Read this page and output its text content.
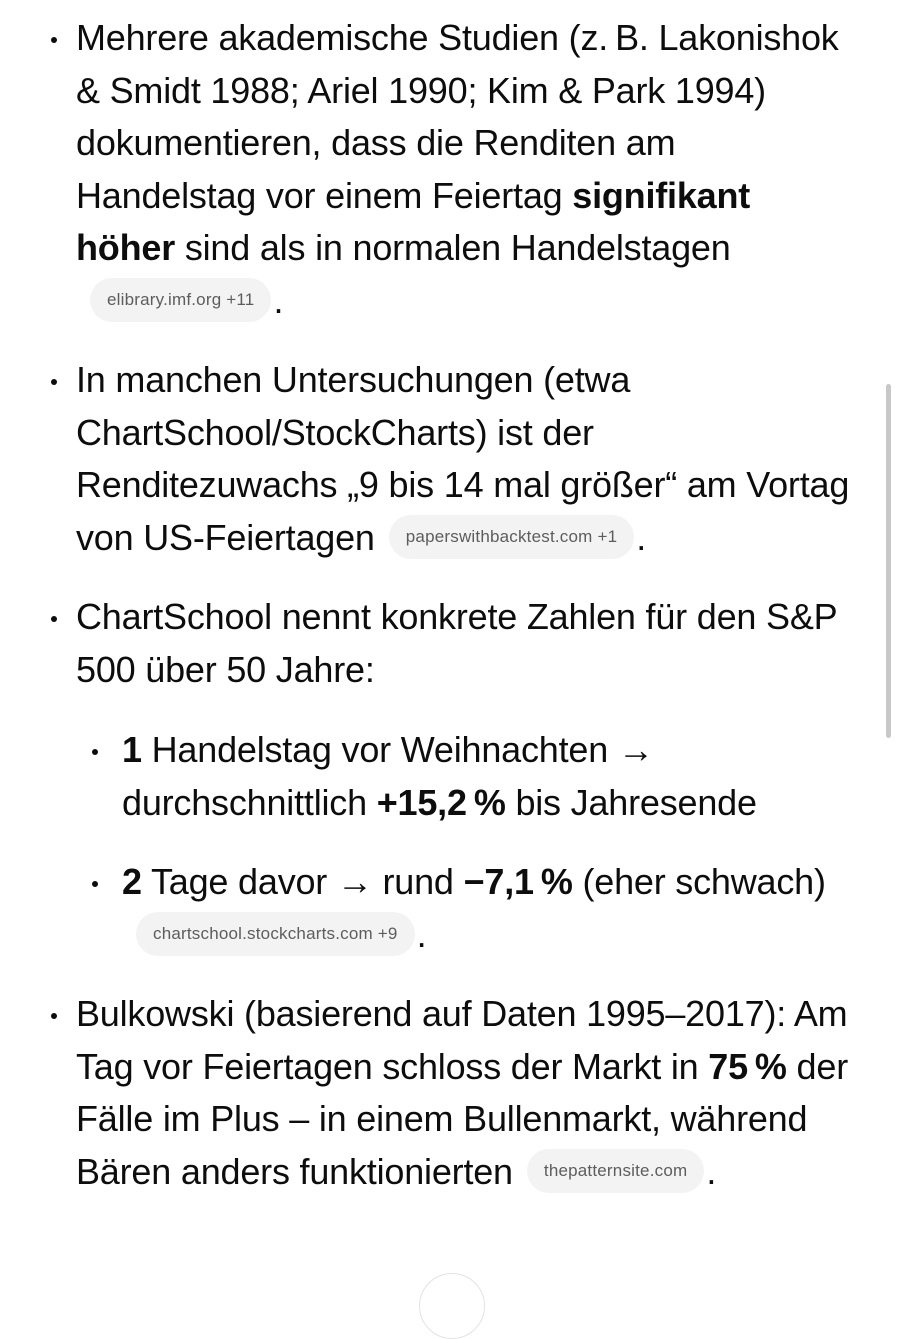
Mehrere akademische Studien (z. B. Lakonishok & Smidt 1988; Ariel 1990; Kim & Park 1994) dokumentieren, dass die Renditen am Handelstag vor einem Feiertag signifikant höher sind als in normalen Handelstagenelibrary.imf.org +11 .
In manchen Untersuchungen (etwa ChartSchool/StockCharts) ist der Renditezuwachs „9 bis 14 mal größer“ am Vortag von US-Feiertagen paperswithbacktest.com +1 .
ChartSchool nennt konkrete Zahlen für den S&P 500 über 50 Jahre:
1 Handelstag vor Weihnachten → durchschnittlich +15,2 % bis Jahresende
2 Tage davor → rund −7,1 % (eher schwach)chartschool.stockcharts.com +9 .
Bulkowski (basierend auf Daten 1995–2017): Am Tag vor Feiertagen schloss der Markt in 75 % der Fälle im Plus – in einem Bullenmarkt, während Bären anders funktionierten thepatternsite.com .
